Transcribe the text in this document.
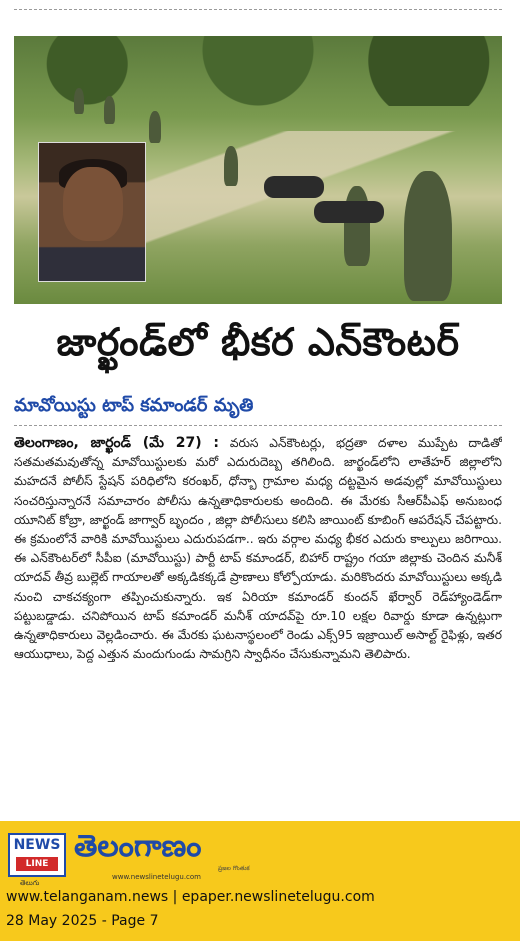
జార్ఖండ్‌లో భీకర ఎన్‌కౌంటర్
మావోయిస్టు టాప్ కమాండర్ మృతి
తెలంగాణం, జార్ఖండ్ (మే 27) : వరుస ఎన్‌కౌంటర్లు, భద్రతా దళాల ముప్పేట దాడితో సతమతమవుతోన్న మావోయిస్టులకు మరో ఎదురుదెబ్బ తగిలింది. జార్ఖండ్‌లోని లాతేహర్ జిల్లాలోని మహదనే పోలీస్ స్టేషన్ పరిధిలోని కరంఖర్, ధోన్బా గ్రామాల మధ్య దట్టమైన అడవుల్లో మావోయిస్టులు సంచరిస్తున్నారనే సమాచారం పోలీసు ఉన్నతాధికారులకు అందింది. ఈ మేరకు సీఆర్‌పీఎఫ్ అనుబంధ యూనిట్ కోబ్రా, జార్ఖండ్ జాగ్వార్ బృందం , జిల్లా పోలీసులు కలిసి జాయింట్ కూబింగ్ ఆపరేషన్ చేపట్టారు. ఈ క్రమంలోనే వారికి మావోయిస్టులు ఎదురుపడగా.. ఇరు వర్గాల మధ్య భీకర ఎదురు కాల్పులు జరిగాయి. ఈ ఎన్‌కౌంటర్‌లో సీపీఐ (మావోయిస్టు) పార్టీ టాప్ కమాండర్, బిహార్ రాష్ట్రం గయా జిల్లాకు చెందిన మనీశ్ యాదవ్ తీవ్ర బుల్లెట్ గాయాలతో అక్కడికక్కడే ప్రాణాలు కోల్పోయాడు. మరికొందరు మావోయిస్టులు అక్కడి నుంచి చాకచక్యంగా తప్పించుకున్నారు. ఇక ఏరియా కమాండర్ కుందన్ ఖేర్వార్ రెడ్‌హ్యాండెడ్‌గా పట్టుబడ్డాడు. చనిపోయిన టాప్ కమాండర్ మనీశ్ యాదవ్‌పై రూ.10 లక్షల రివార్డు కూడా ఉన్నట్లుగా ఉన్నతాధికారులు వెల్లడించారు. ఈ మేరకు ఘటనాస్థలంలో రెండు ఎక్స్95 ఇజ్రాయిల్ అసాల్ట్ రైఫిళ్లు, ఇతర ఆయుధాలు, పెద్ద ఎత్తున మందుగుండు సామగ్రిని స్వాధీనం చేసుకున్నామని తెలిపారు.
NEWS
LINE
తెలుగు
తెలంగాణం
www.newslinetelugu.com
ప్రజల గొంతుక
www.telanganam.news | epaper.newslinetelugu.com
28 May 2025 - Page 7
